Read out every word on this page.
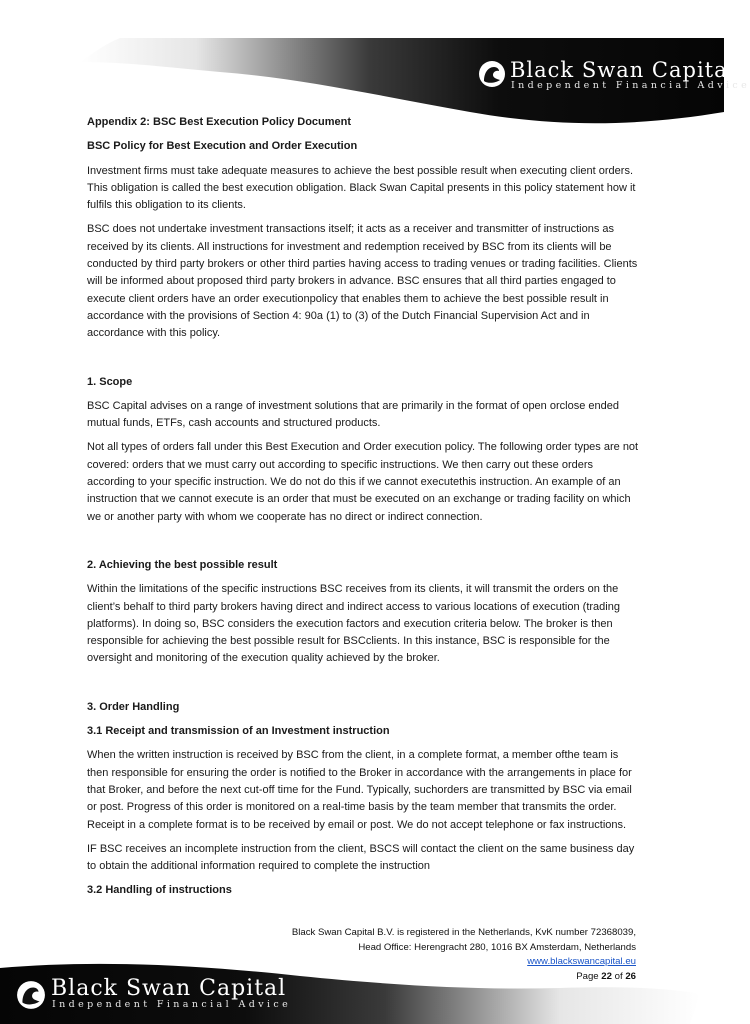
Black Swan Capital
Independent Financial Advice

Appendix 2: BSC Best Execution Policy Document

BSC Policy for Best Execution and Order Execution

Investment firms must take adequate measures to achieve the best possible result when executing client orders. This obligation is called the best execution obligation. Black Swan Capital presents in this policy statement how it fulfils this obligation to its clients.

BSC does not undertake investment transactions itself; it acts as a receiver and transmitter of instructions as received by its clients. All instructions for investment and redemption received by BSC from its clients will be conducted by third party brokers or other third parties having access to trading venues or trading facilities. Clients will be informed about proposed third party brokers in advance. BSC ensures that all third parties engaged to execute client orders have an order executionpolicy that enables them to achieve the best possible result in accordance with the provisions of Section 4: 90a (1) to (3) of the Dutch Financial Supervision Act and in accordance with this policy.

1. Scope

BSC Capital advises on a range of investment solutions that are primarily in the format of open orclose ended mutual funds, ETFs, cash accounts and structured products.

Not all types of orders fall under this Best Execution and Order execution policy. The following order types are not covered: orders that we must carry out according to specific instructions. We then carry out these orders according to your specific instruction. We do not do this if we cannot executethis instruction. An example of an instruction that we cannot execute is an order that must be executed on an exchange or trading facility on which we or another party with whom we cooperate has no direct or indirect connection.

2. Achieving the best possible result

Within the limitations of the specific instructions BSC receives from its clients, it will transmit the orders on the client’s behalf to third party brokers having direct and indirect access to various locations of execution (trading platforms). In doing so, BSC considers the execution factors and execution criteria below. The broker is then responsible for achieving the best possible result for BSCclients. In this instance, BSC is responsible for the oversight and monitoring of the execution quality achieved by the broker.

3. Order Handling

3.1 Receipt and transmission of an Investment instruction

When the written instruction is received by BSC from the client, in a complete format, a member ofthe team is then responsible for ensuring the order is notified to the Broker in accordance with the arrangements in place for that Broker, and before the next cut-off time for the Fund. Typically, suchorders are transmitted by BSC via email or post. Progress of this order is monitored on a real-time basis by the team member that transmits the order. Receipt in a complete format is to be received by email or post. We do not accept telephone or fax instructions.

IF BSC receives an incomplete instruction from the client, BSCS will contact the client on the same business day to obtain the additional information required to complete the instruction

3.2 Handling of instructions

Black Swan Capital B.V. is registered in the Netherlands, KvK number 72368039,
Head Office: Herengracht 280, 1016 BX Amsterdam, Netherlands
www.blackswancapital.eu
Page 22 of 26
Black Swan Capital
Independent Financial Advice
